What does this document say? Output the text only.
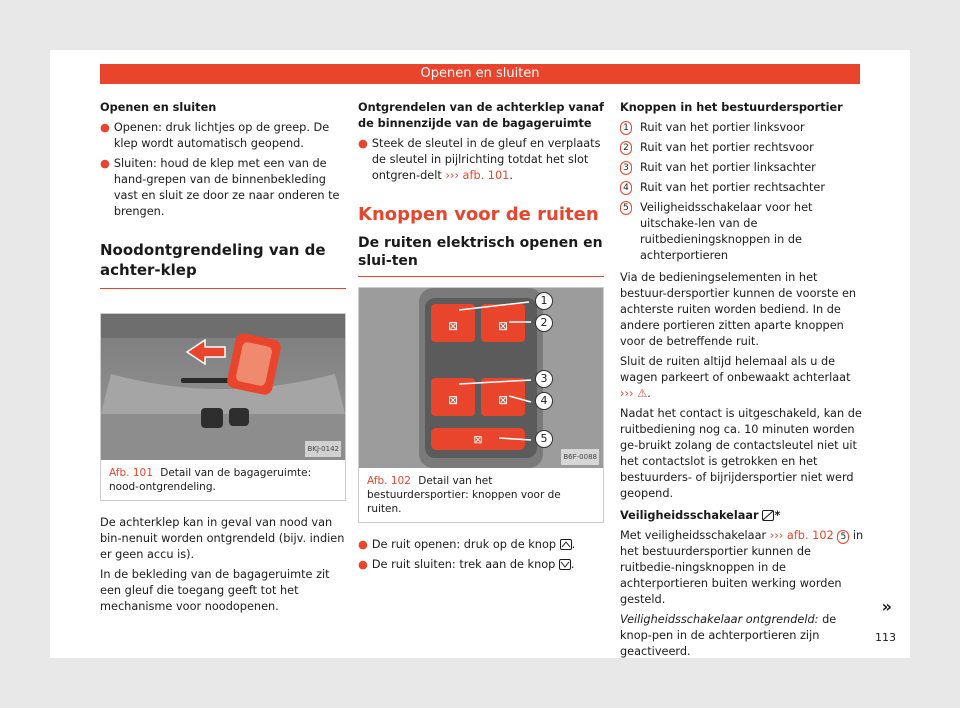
Openen en sluiten

Openen en sluiten

● Openen: druk lichtjes op de greep. De klep wordt automatisch geopend.
● Sluiten: houd de klep met een van de hand-grepen van de binnenbekleding vast en sluit ze door ze naar onderen te brengen.
Noodontgrendeling van de achter-klep
BKJ-0142
Afb. 101 Detail van de bagageruimte: nood-ontgrendeling.

De achterklep kan in geval van nood van bin-nenuit worden ontgrendeld (bijv. indien er geen accu is).

In de bekleding van de bagageruimte zit een gleuf die toegang geeft tot het mechanisme voor noodopenen.

Ontgrendelen van de achterklep vanaf de binnenzijde van de bagageruimte

● Steek de sleutel in de gleuf en verplaats de sleutel in pijlrichting totdat het slot ontgren-delt ››› afb. 101.
Knoppen voor de ruiten
De ruiten elektrisch openen en slui-ten
⊠	⊠
⊠	⊠
⊠
1
2
3
4
5
B6F-0088
Afb. 102 Detail van het bestuurdersportier: knoppen voor de ruiten.
● De ruit openen: druk op de knop .
● De ruit sluiten: trek aan de knop .

Knoppen in het bestuurdersportier

1 Ruit van het portier linksvoor
2 Ruit van het portier rechtsvoor
3 Ruit van het portier linksachter
4 Ruit van het portier rechtsachter
5 Veiligheidsschakelaar voor het uitschake-len van de ruitbedieningsknoppen in de achterportieren

Via de bedieningselementen in het bestuur-dersportier kunnen de voorste en achterste ruiten worden bediend. In de andere portieren zitten aparte knoppen voor de betreffende ruit.

Sluit de ruiten altijd helemaal als u de wagen parkeert of onbewaakt achterlaat ››› ⚠.

Nadat het contact is uitgeschakeld, kan de ruitbediening nog ca. 10 minuten worden ge-bruikt zolang de contactsleutel niet uit het contactslot is getrokken en het bestuurders- of bijrijdersportier niet werd geopend.

Veiligheidsschakelaar *

Met veiligheidsschakelaar ››› afb. 102 5 in het bestuurdersportier kunnen de ruitbedie-ningsknoppen in de achterportieren buiten werking worden gesteld.

Veiligheidsschakelaar ontgrendeld: de knop-pen in de achterportieren zijn geactiveerd.

»
113
